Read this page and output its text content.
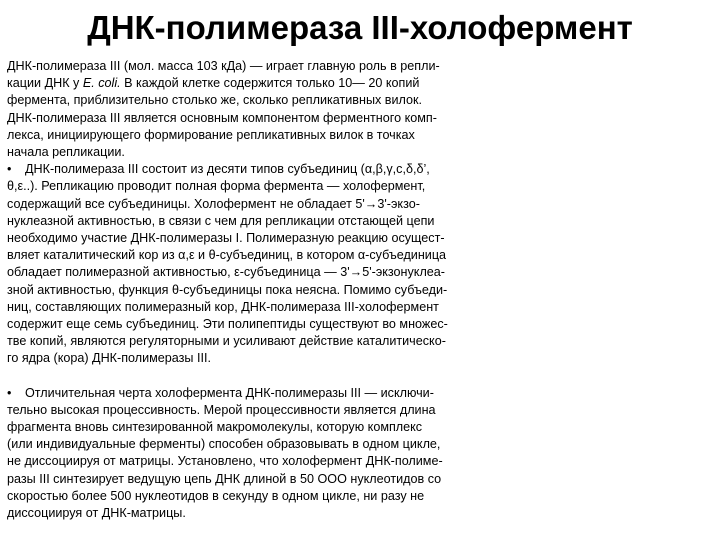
ДНК-полимераза III-холофермент

ДНК-полимераза III (мол. масса 103 кДа) — играет главную роль в репли-
кации ДНК у E. coli. В каждой клетке содержится только 10— 20 копий
фермента, приблизительно столько же, сколько репликативных вилок.
ДНК-полимераза III является основным компонентом ферментного комп-
лекса, инициирующего формирование репликативных вилок в точках
начала репликации.

• ДНК-полимераза III состоит из десяти типов субъединиц (α,β,γ,с,δ,δ’,
θ,ε..). Репликацию проводит полная форма фермента — холофермент,
содержащий все субъединицы. Холофермент не обладает 5'→3'-экзо-
нуклеазной активностью, в связи с чем для репликации отстающей цепи
необходимо участие ДНК-полимеразы I. Полимеразную реакцию осущест-
вляет каталитический кор из α,ε и θ-субъединиц, в котором α-субъединица
обладает полимеразной активностью, ε-субъединица — 3'→5'-экзонуклеа-
зной активностью, функция θ-субъединицы пока неясна. Помимо субъеди-
ниц, составляющих полимеразный кор, ДНК-полимераза III-холофермент
содержит еще семь субъединиц. Эти полипептиды существуют во множес-
тве копий, являются регуляторными и усиливают действие каталитическо-
го ядра (кора) ДНК-полимеразы III.

• Отличительная черта холофермента ДНК-полимеразы III — исключи-
тельно высокая процессивность. Мерой процессивности является длина
фрагмента вновь синтезированной макромолекулы, которую комплекс
(или индивидуальные ферменты) способен образовывать в одном цикле,
не диссоциируя от матрицы. Установлено, что холофермент ДНК-полиме-
разы III синтезирует ведущую цепь ДНК длиной в 50 ООО нуклеотидов со
скоростью более 500 нуклеотидов в секунду в одном цикле, ни разу не
диссоциируя от ДНК-матрицы.
